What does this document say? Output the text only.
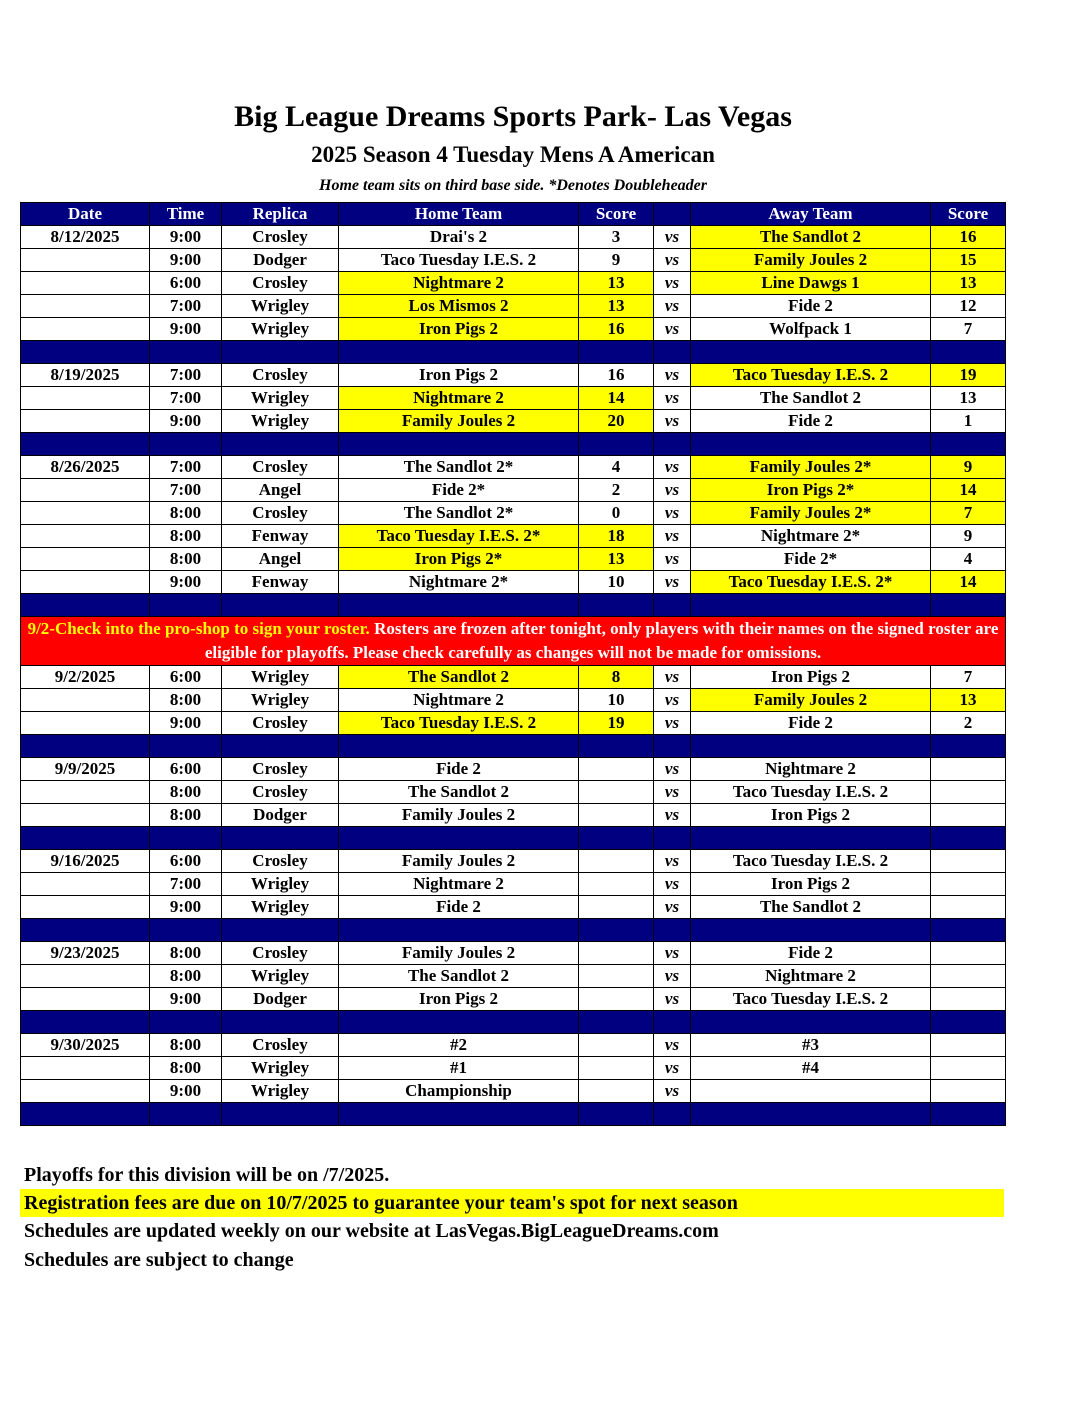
Big League Dreams Sports Park- Las Vegas
2025 Season 4 Tuesday Mens A American
Home team sits on third base side. *Denotes Doubleheader
Date	Time	Replica	Home Team	Score		Away Team	Score
8/12/2025	9:00	Crosley	Drai's 2	3	vs	The Sandlot 2	16
	9:00	Dodger	Taco Tuesday I.E.S. 2	9	vs	Family Joules 2	15
	6:00	Crosley	Nightmare 2	13	vs	Line Dawgs 1	13
	7:00	Wrigley	Los Mismos 2	13	vs	Fide 2	12
	9:00	Wrigley	Iron Pigs 2	16	vs	Wolfpack 1	7

8/19/2025	7:00	Crosley	Iron Pigs 2	16	vs	Taco Tuesday I.E.S. 2	19
	7:00	Wrigley	Nightmare 2	14	vs	The Sandlot 2	13
	9:00	Wrigley	Family Joules 2	20	vs	Fide 2	1

8/26/2025	7:00	Crosley	The Sandlot 2*	4	vs	Family Joules 2*	9
	7:00	Angel	Fide 2*	2	vs	Iron Pigs 2*	14
	8:00	Crosley	The Sandlot 2*	0	vs	Family Joules 2*	7
	8:00	Fenway	Taco Tuesday I.E.S. 2*	18	vs	Nightmare 2*	9
	8:00	Angel	Iron Pigs 2*	13	vs	Fide 2*	4
	9:00	Fenway	Nightmare 2*	10	vs	Taco Tuesday I.E.S. 2*	14

9/2-Check into the pro-shop to sign your roster. Rosters are frozen after tonight, only players with their names on the signed roster are eligible for playoffs. Please check carefully as changes will not be made for omissions.							
9/2/2025	6:00	Wrigley	The Sandlot 2	8	vs	Iron Pigs 2	7
	8:00	Wrigley	Nightmare 2	10	vs	Family Joules 2	13
	9:00	Crosley	Taco Tuesday I.E.S. 2	19	vs	Fide 2	2

9/9/2025	6:00	Crosley	Fide 2		vs	Nightmare 2	
	8:00	Crosley	The Sandlot 2		vs	Taco Tuesday I.E.S. 2	
	8:00	Dodger	Family Joules 2		vs	Iron Pigs 2	

9/16/2025	6:00	Crosley	Family Joules 2		vs	Taco Tuesday I.E.S. 2	
	7:00	Wrigley	Nightmare 2		vs	Iron Pigs 2	
	9:00	Wrigley	Fide 2		vs	The Sandlot 2	

9/23/2025	8:00	Crosley	Family Joules 2		vs	Fide 2	
	8:00	Wrigley	The Sandlot 2		vs	Nightmare 2	
	9:00	Dodger	Iron Pigs 2		vs	Taco Tuesday I.E.S. 2	

9/30/2025	8:00	Crosley	#2		vs	#3	
	8:00	Wrigley	#1		vs	#4	
	9:00	Wrigley	Championship		vs		

Playoffs for this division will be on /7/2025.
Registration fees are due on 10/7/2025 to guarantee your team's spot for next season
Schedules are updated weekly on our website at LasVegas.BigLeagueDreams.com
Schedules are subject to change
